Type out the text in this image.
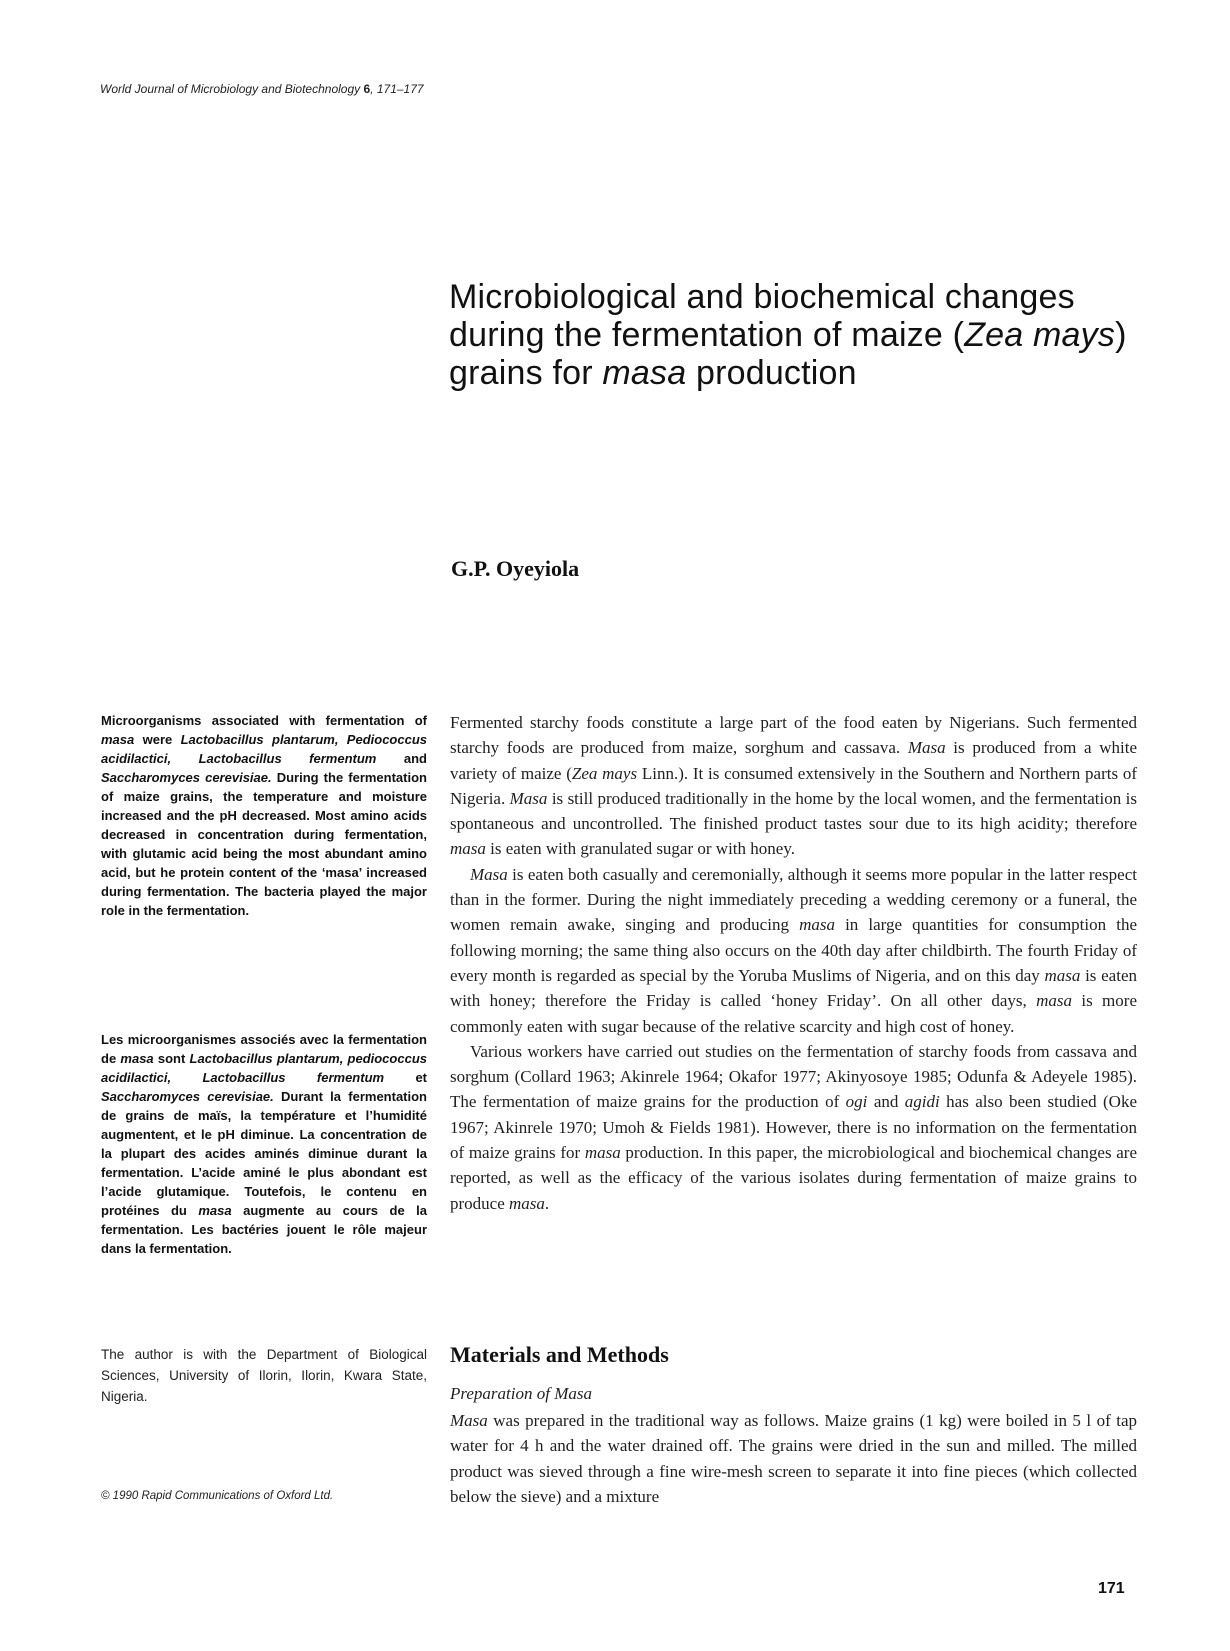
World Journal of Microbiology and Biotechnology 6, 171–177
Microbiological and biochemical changes during the fermentation of maize (Zea mays) grains for masa production
G.P. Oyeyiola
Microorganisms associated with fermentation of masa were Lactobacillus plantarum, Pediococcus acidilactici, Lactobacillus fermentum and Saccharomyces cerevisiae. During the fermentation of maize grains, the temperature and moisture increased and the pH decreased. Most amino acids decreased in concentration during fermentation, with glutamic acid being the most abundant amino acid, but he protein content of the ‘masa’ increased during fermentation. The bacteria played the major role in the fermentation.
Les microorganismes associés avec la fermentation de masa sont Lactobacillus plantarum, pediococcus acidilactici, Lactobacillus fermentum et Saccharomyces cerevisiae. Durant la fermentation de grains de maïs, la température et l’humidité augmentent, et le pH diminue. La concentration de la plupart des acides aminés diminue durant la fermentation. L’acide aminé le plus abondant est l’acide glutamique. Toutefois, le contenu en protéines du masa augmente au cours de la fermentation. Les bactéries jouent le rôle majeur dans la fermentation.
The author is with the Department of Biological Sciences, University of Ilorin, Ilorin, Kwara State, Nigeria.
© 1990 Rapid Communications of Oxford Ltd.

Fermented starchy foods constitute a large part of the food eaten by Nigerians. Such fermented starchy foods are produced from maize, sorghum and cassava. Masa is produced from a white variety of maize (Zea mays Linn.). It is consumed extensively in the Southern and Northern parts of Nigeria. Masa is still produced traditionally in the home by the local women, and the fermentation is spontaneous and uncontrolled. The finished product tastes sour due to its high acidity; therefore masa is eaten with granulated sugar or with honey.

Masa is eaten both casually and ceremonially, although it seems more popular in the latter respect than in the former. During the night immediately preceding a wedding ceremony or a funeral, the women remain awake, singing and producing masa in large quantities for consumption the following morning; the same thing also occurs on the 40th day after childbirth. The fourth Friday of every month is regarded as special by the Yoruba Muslims of Nigeria, and on this day masa is eaten with honey; therefore the Friday is called ‘honey Friday’. On all other days, masa is more commonly eaten with sugar because of the relative scarcity and high cost of honey.

Various workers have carried out studies on the fermentation of starchy foods from cassava and sorghum (Collard 1963; Akinrele 1964; Okafor 1977; Akinyosoye 1985; Odunfa & Adeyele 1985). The fermentation of maize grains for the production of ogi and agidi has also been studied (Oke 1967; Akinrele 1970; Umoh & Fields 1981). However, there is no information on the fermentation of maize grains for masa production. In this paper, the microbiological and biochemical changes are reported, as well as the efficacy of the various isolates during fermentation of maize grains to produce masa.

Materials and Methods
Preparation of Masa

Masa was prepared in the traditional way as follows. Maize grains (1 kg) were boiled in 5 l of tap water for 4 h and the water drained off. The grains were dried in the sun and milled. The milled product was sieved through a fine wire-mesh screen to separate it into fine pieces (which collected below the sieve) and a mixture

171
